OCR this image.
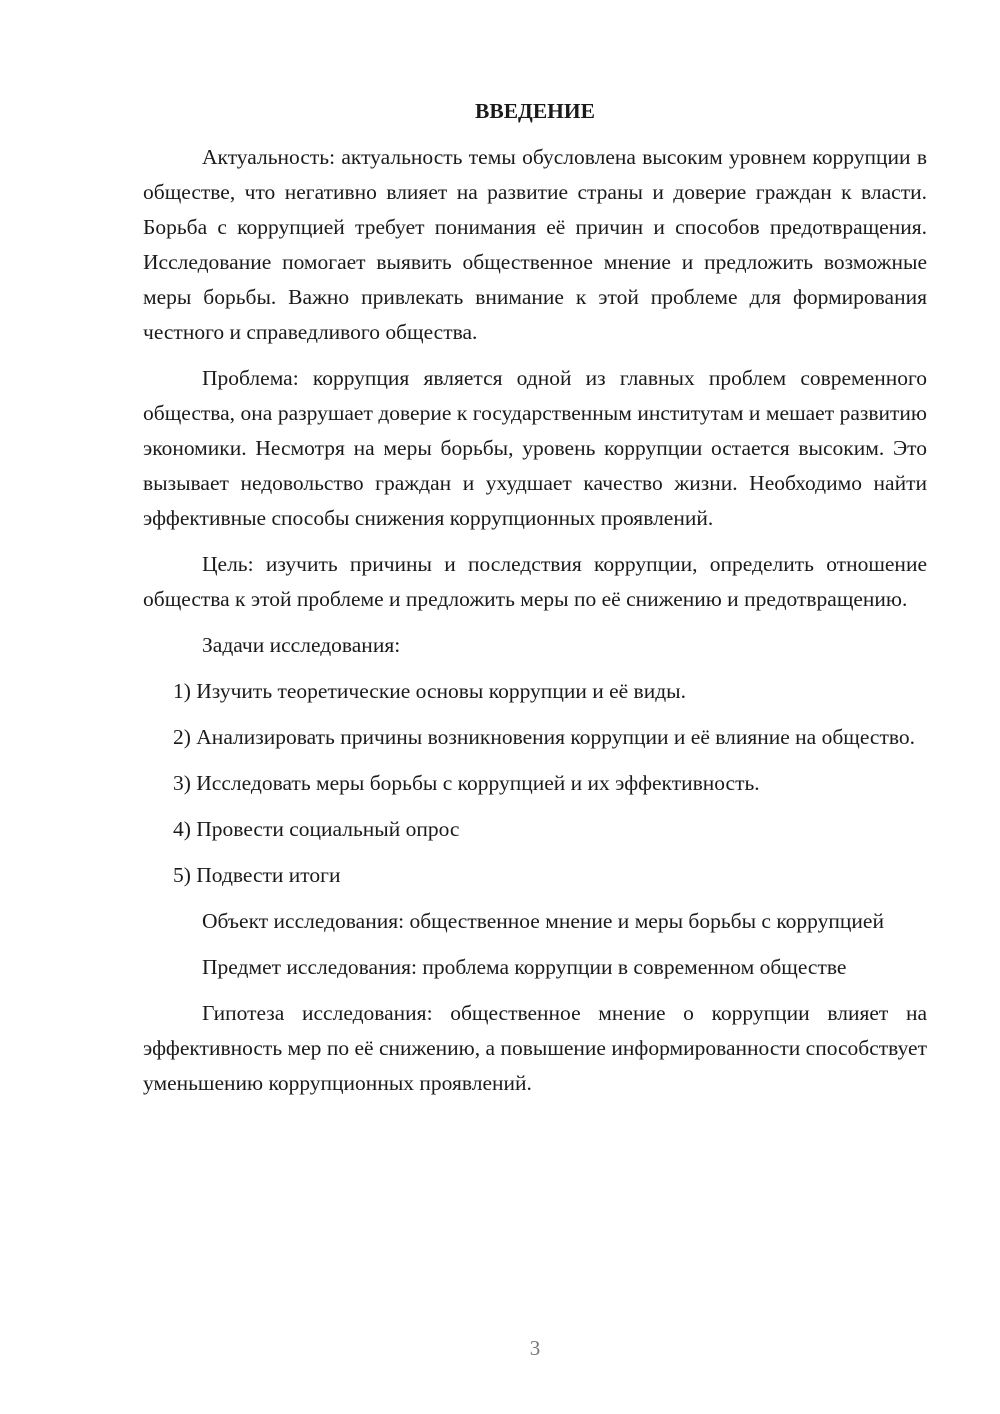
ВВЕДЕНИЕ

Актуальность: актуальность темы обусловлена высоким уровнем коррупции в обществе, что негативно влияет на развитие страны и доверие граждан к власти. Борьба с коррупцией требует понимания её причин и способов предотвращения. Исследование помогает выявить общественное мнение и предложить возможные меры борьбы. Важно привлекать внимание к этой проблеме для формирования честного и справедливого общества.

Проблема: коррупция является одной из главных проблем современного общества, она разрушает доверие к государственным институтам и мешает развитию экономики. Несмотря на меры борьбы, уровень коррупции остается высоким. Это вызывает недовольство граждан и ухудшает качество жизни. Необходимо найти эффективные способы снижения коррупционных проявлений.

Цель: изучить причины и последствия коррупции, определить отношение общества к этой проблеме и предложить меры по её снижению и предотвращению.

Задачи исследования:

1) Изучить теоретические основы коррупции и её виды.

2) Анализировать причины возникновения коррупции и её влияние на общество.

3) Исследовать меры борьбы с коррупцией и их эффективность.

4) Провести социальный опрос

5) Подвести итоги

Объект исследования: общественное мнение и меры борьбы с коррупцией

Предмет исследования: проблема коррупции в современном обществе

Гипотеза исследования: общественное мнение о коррупции влияет на эффективность мер по её снижению, а повышение информированности способствует уменьшению коррупционных проявлений.

3
